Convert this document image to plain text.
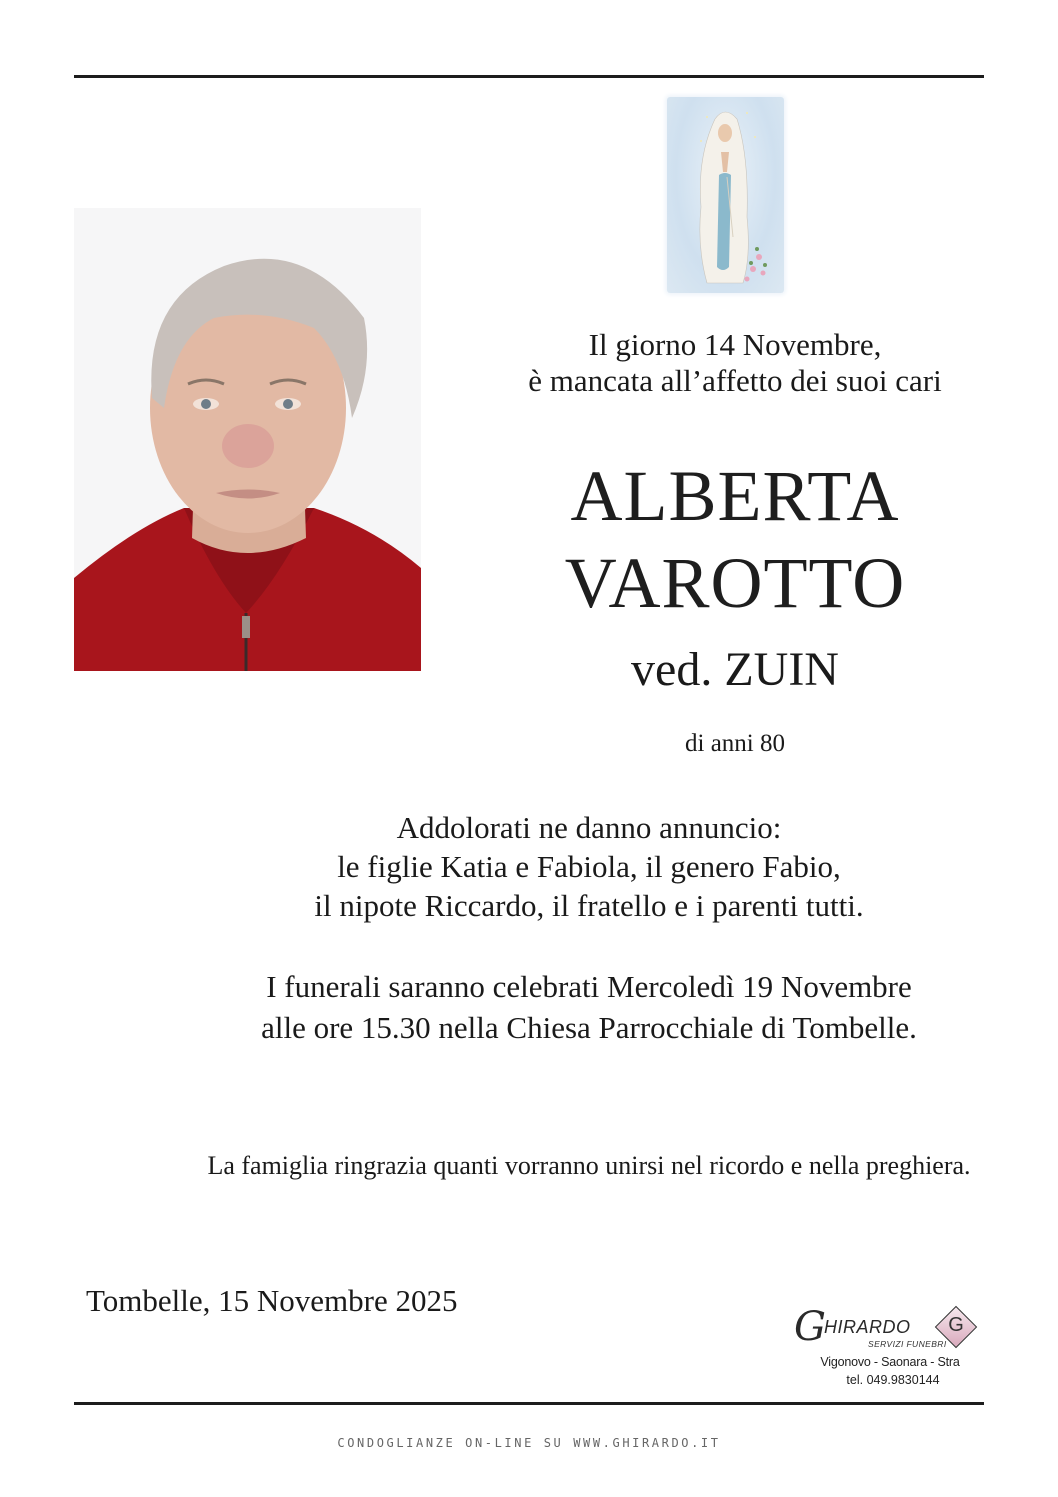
Il giorno 14 Novembre,
è mancata all’affetto dei suoi cari
ALBERTA
VAROTTO
ved. ZUIN
di anni 80
Addolorati ne danno annuncio:
le figlie Katia e Fabiola, il genero Fabio,
il nipote Riccardo, il fratello e i parenti tutti.
I funerali saranno celebrati Mercoledì 19 Novembre
alle ore 15.30 nella Chiesa Parrocchiale di Tombelle.
La famiglia ringrazia quanti vorranno unirsi nel ricordo e nella preghiera.
Tombelle, 15 Novembre 2025
G
HIRARDO
SERVIZI FUNEBRI
G
Vigonovo - Saonara - Stra
tel. 049.9830144
CONDOGLIANZE ON-LINE SU WWW.GHIRARDO.IT
